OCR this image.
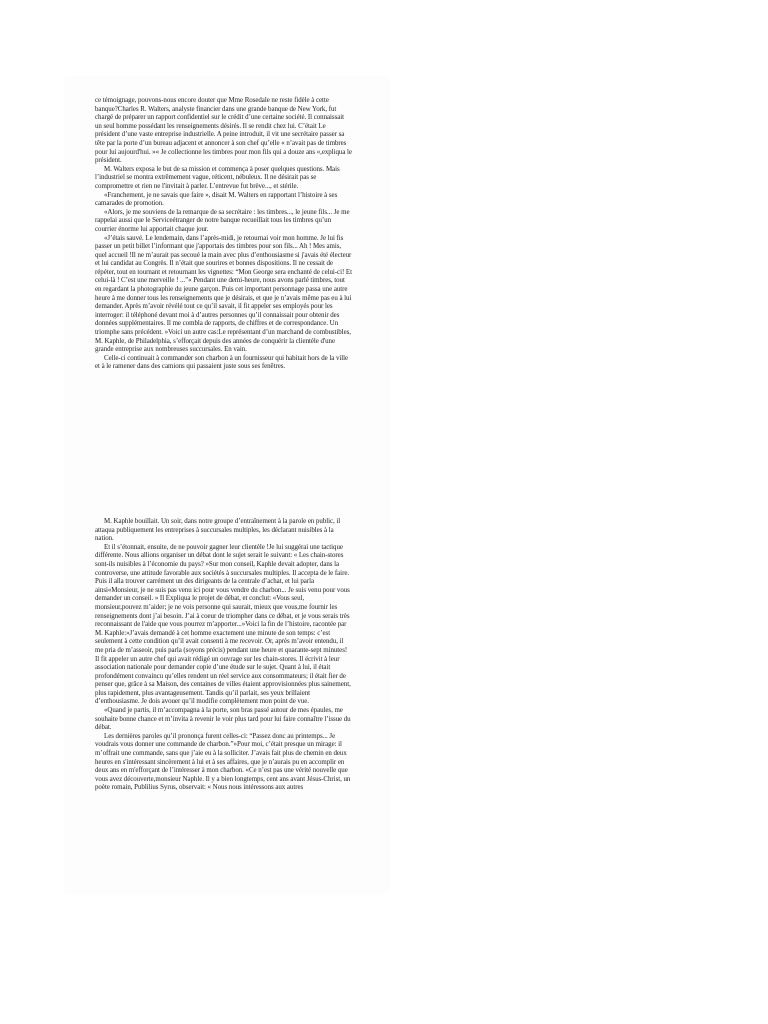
ce témoignage, pouvons-nous encore douter que Mme Rosedale ne reste fidèle à cette banque?Charles R. Walters, analyste financier dans une grande banque de New York, fut chargé de préparer un rapport confidentiel sur le crédit d’une certaine société. Il connaissait un seul homme possédant les renseignements désirés. Il se rendit chez lui. C’était Le président d’une vaste entreprise industrielle. A peine introduit, il vit une secrétaire passer sa tête par la porte d’un bureau adjacent et annoncer à son chef qu’elle « n’avait pas de timbres pour lui aujourd'hui. »« Je collectionne les timbres pour mon fils qui a douze ans «,expliqua le président.

M. Walters exposa le but de sa mission et commença à poser quelques questions. Mais l’industriel se montra extrêmement vague, réticent, nébuleux. Il ne désirait pas se compromettre et rien ne l'invitait à parler. L’entrevue fut brève..., et stérile.

«Franchement, je ne savais que faire », disait M. Walters en rapportant l’histoire à ses camarades de promotion.

«Alors, je me souviens de la remarque de sa secrétaire : les timbres..., le jeune fils... Je me rappelai aussi que le Serviceétranger de notre banque recueillait tous les timbres qu’un courrier énorme lui apportait chaque jour.

«J’étais sauvé. Le lendemain, dans l’après-midi, je retournai voir mon homme. Je lui fis passer un petit billet l’informant que j'apportais des timbres pour son fils... Ah ! Mes amis, quel accueil !Il ne m’aurait pas secoué la main avec plus d’enthousiasme si j'avais été électeur et lui candidat au Congrès. Il n’était que sourires et bonnes dispositions. Il ne cessait de répéter, tout en tournant et retournant les vignettes: “Mon George sera enchanté de celui-ci! Et celui-là ! C’est une merveille ! ...”« Pendant une demi-heure, nous avons parlé timbres, tout en regardant la photographie du jeune garçon. Puis cet important personnage passa une autre heure à me donner tous les renseignements que je désirais, et que je n’avais même pas eu à lui demander. Après m’avoir révélé tout ce qu’il savait, il fit appeler ses employés pour les interroger: il téléphoné devant moi à d’autres personnes qu’il connaissait pour obtenir des données supplémentaires. Il me combla de rapports, de chiffres et de correspondance. Un triomphe sans précédent. »Voici un autre cas:Le représentant d’un marchand de combustibles, M. Kaphle, de Philadelphia, s’efforçait depuis des années de conquérir la clientèle d'une grande entreprise aux nombreuses succursales. En vain.

Celle-ci continuait à commander son charbon à un fournisseur qui habitait hors de la ville et à le ramener dans des camions qui passaient juste sous ses fenêtres.

M. Kaphle bouillait. Un soir, dans notre groupe d’entraînement à la parole en public, il attaqua publiquement les entreprises à succursales multiples, les déclarant nuisibles à la nation.

Et il s’étonnait, ensuite, de ne pouvoir gagner leur clientèle !Je lui suggérai une tactique différente. Nous allions organiser un débat dont le sujet serait le suivant: « Les chain-stores sont-ils nuisibles à l’économie du pays? »Sur mon conseil, Kaphle devait adopter, dans la controverse, une attitude favorable aux sociétés à succursales multiples. Il accepta de le faire. Puis il alla trouver carrément un des dirigeants de la centrale d’achat, et lui parla ainsi«Monsieur, je ne suis pas venu ici pour vous vendre du charbon... Je suis venu pour vous demander un conseil. » Il Expliqua le projet de débat, et conclut: «Vous seul, monsieur,pouvez m’aider; je ne vois personne qui saurait, mieux que vous,me fournir les renseignements dont j’ai besoin. J’ai à coeur de triompher dans ce débat, et je vous serais très reconnaissant de l'aide que vous pourrez m’apporter...»Voici la fin de l’histoire, racontée par M. Kaphle:»J’avais demandé à cet homme exactement une minute de son temps: c’est seulement à cette condition qu’il avait consenti à me recevoir. Or, après m’avoir entendu, il me pria de m’asseoir, puis parla (soyons précis) pendant une heure et quarante-sept minutes! Il fit appeler un autre chef qui avait rédigé un ouvrage sur les chain-stores. Il écrivit à leur association nationale pour demander copie d’une étude sur le sujet. Quant à lui, il était profondément convaincu qu’elles rendent un réel service aux consommateurs; il était fier de penser que, grâce à sa Maison, des centaines de villes étaient approvisionnées plus sainement, plus rapidement, plus avantageusement. Tandis qu’il parlait, ses yeux brillaient d’enthousiasme. Je dois avouer qu’il modifie complètement mon point de vue.

«Quand je partis, il m’accompagna à la porte, son bras passé autour de mes épaules, me souhaite bonne chance et m’invita à revenir le voir plus tard pour lui faire connaître l’issue du débat.

Les dernières paroles qu’il prononça furent celles-ci: “Passez donc au printemps... Je voudrais vous donner une commande de charbon.”»Pour moi, c’était presque un mirage: il m’offrait une commande, sans que j’aie eu à la solliciter. J’avais fait plus de chemin en deux heures en s'intéressant sincèrement à lui et à ses affaires, que je n’aurais pu en accomplir en deux ans en m'efforçant de l’intéresser à mon charbon. «Ce n’est pas une vérité nouvelle que vous avez découverte,monsieur Naphle. Il y a bien longtemps, cent ans avant Jésus-Christ, un poète romain, Publilius Syrus, observait: « Nous nous intéressons aux autres
